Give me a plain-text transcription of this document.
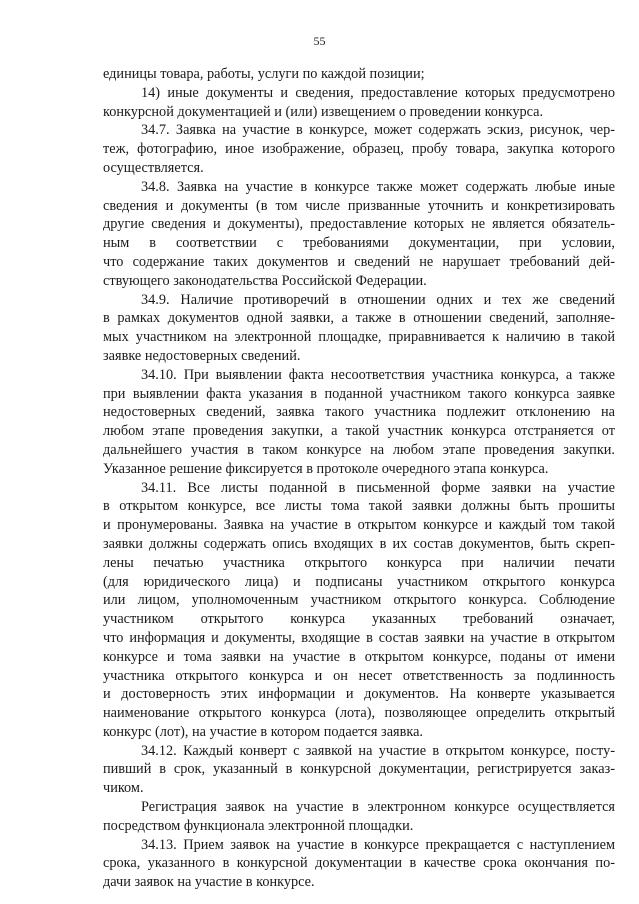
55
единицы товара, работы, услуги по каждой позиции;
14) иные документы и сведения, предоставление которых предусмотрено
конкурсной документацией и (или) извещением о проведении конкурса.
34.7. Заявка на участие в конкурсе, может содержать эскиз, рисунок, чер-
теж, фотографию, иное изображение, образец, пробу товара, закупка которого
осуществляется.
34.8. Заявка на участие в конкурсе также может содержать любые иные
сведения и документы (в том числе призванные уточнить и конкретизировать
другие сведения и документы), предоставление которых не является обязатель-
ным в соответствии с требованиями документации, при условии,
что содержание таких документов и сведений не нарушает требований дей-
ствующего законодательства Российской Федерации.
34.9. Наличие противоречий в отношении одних и тех же сведений
в рамках документов одной заявки, а также в отношении сведений, заполняе-
мых участником на электронной площадке, приравнивается к наличию в такой
заявке недостоверных сведений.
34.10. При выявлении факта несоответствия участника конкурса, а также
при выявлении факта указания в поданной участником такого конкурса заявке
недостоверных сведений, заявка такого участника подлежит отклонению на
любом этапе проведения закупки, а такой участник конкурса отстраняется от
дальнейшего участия в таком конкурсе на любом этапе проведения закупки.
Указанное решение фиксируется в протоколе очередного этапа конкурса.
34.11. Все листы поданной в письменной форме заявки на участие
в открытом конкурсе, все листы тома такой заявки должны быть прошиты
и пронумерованы. Заявка на участие в открытом конкурсе и каждый том такой
заявки должны содержать опись входящих в их состав документов, быть скреп-
лены печатью участника открытого конкурса при наличии печати
(для юридического лица) и подписаны участником открытого конкурса
или лицом, уполномоченным участником открытого конкурса. Соблюдение
участником открытого конкурса указанных требований означает,
что информация и документы, входящие в состав заявки на участие в открытом
конкурсе и тома заявки на участие в открытом конкурсе, поданы от имени
участника открытого конкурса и он несет ответственность за подлинность
и достоверность этих информации и документов. На конверте указывается
наименование открытого конкурса (лота), позволяющее определить открытый
конкурс (лот), на участие в котором подается заявка.
34.12. Каждый конверт с заявкой на участие в открытом конкурсе, посту-
пивший в срок, указанный в конкурсной документации, регистрируется заказ-
чиком.
Регистрация заявок на участие в электронном конкурсе осуществляется
посредством функционала электронной площадки.
34.13. Прием заявок на участие в конкурсе прекращается с наступлением
срока, указанного в конкурсной документации в качестве срока окончания по-
дачи заявок на участие в конкурсе.
